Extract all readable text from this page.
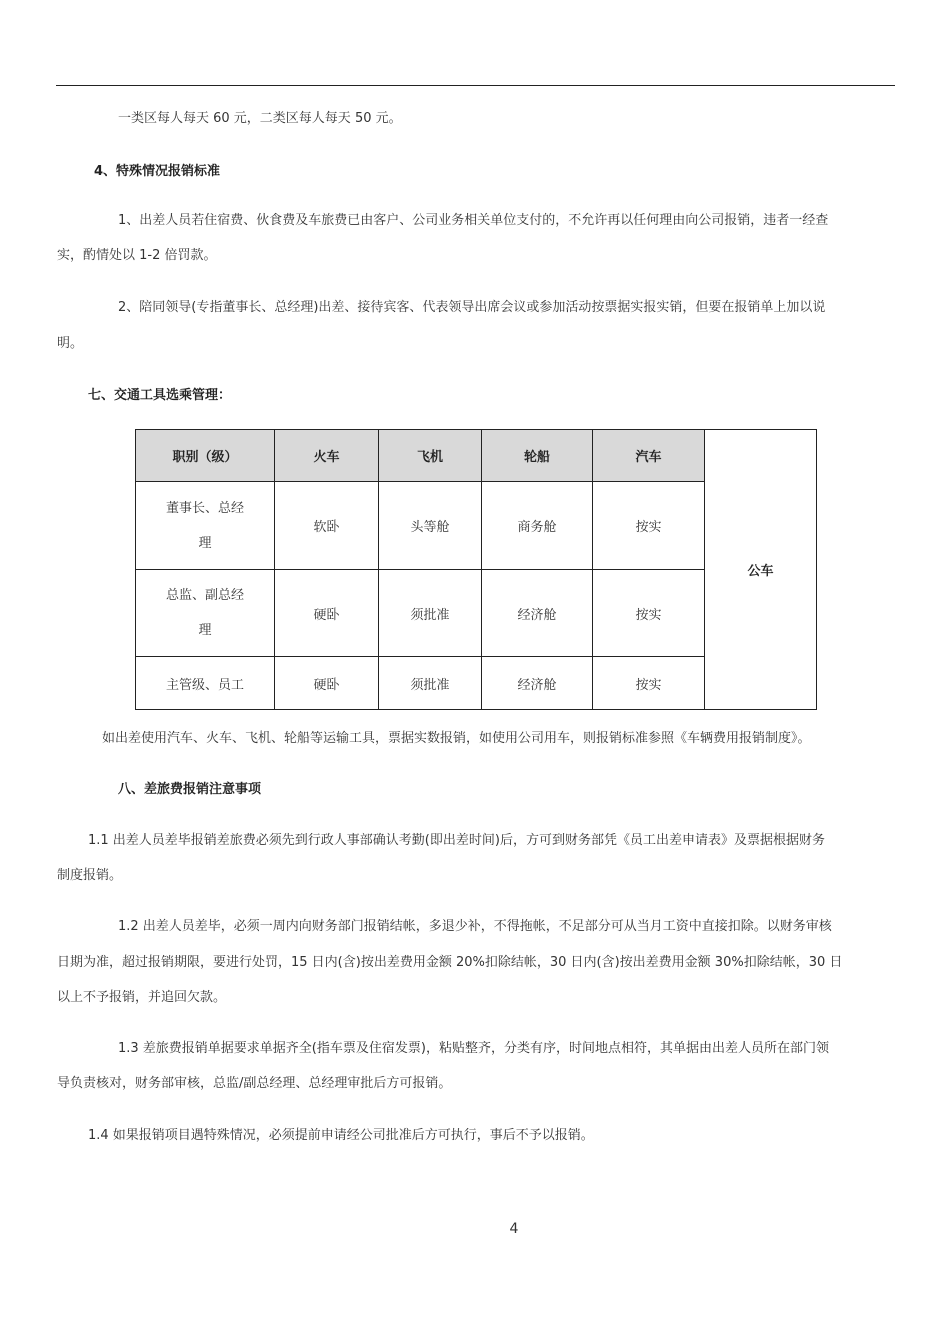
一类区每人每天 60 元，二类区每人每天 50 元。
4、特殊情况报销标准
1、出差人员若住宿费、伙食费及车旅费已由客户、公司业务相关单位支付的，不允许再以任何理由向公司报销，违者一经查
实，酌情处以 1-2 倍罚款。
2、陪同领导(专指董事长、总经理)出差、接待宾客、代表领导出席会议或参加活动按票据实报实销，但要在报销单上加以说
明。
七、交通工具选乘管理：
职别（级）	火车	飞机	轮船	汽车	公车

董事长、总经
理	软卧	头等舱	商务舱	按实	

总监、副总经
理	硬卧	须批准	经济舱	按实	
主管级、员工	硬卧	须批准	经济舱	按实	
如出差使用汽车、火车、飞机、轮船等运输工具，票据实数报销，如使用公司用车，则报销标准参照《车辆费用报销制度》。
八、差旅费报销注意事项
1.1 出差人员差毕报销差旅费必须先到行政人事部确认考勤(即出差时间)后，方可到财务部凭《员工出差申请表》及票据根据财务
制度报销。
1.2 出差人员差毕，必须一周内向财务部门报销结帐，多退少补，不得拖帐，不足部分可从当月工资中直接扣除。以财务审核
日期为准，超过报销期限，要进行处罚，15 日内(含)按出差费用金额 20%扣除结帐，30 日内(含)按出差费用金额 30%扣除结帐，30 日
以上不予报销，并追回欠款。
1.3 差旅费报销单据要求单据齐全(指车票及住宿发票)，粘贴整齐，分类有序，时间地点相符，其单据由出差人员所在部门领
导负责核对，财务部审核，总监/副总经理、总经理审批后方可报销。
1.4 如果报销项目遇特殊情况，必须提前申请经公司批准后方可执行，事后不予以报销。
4
